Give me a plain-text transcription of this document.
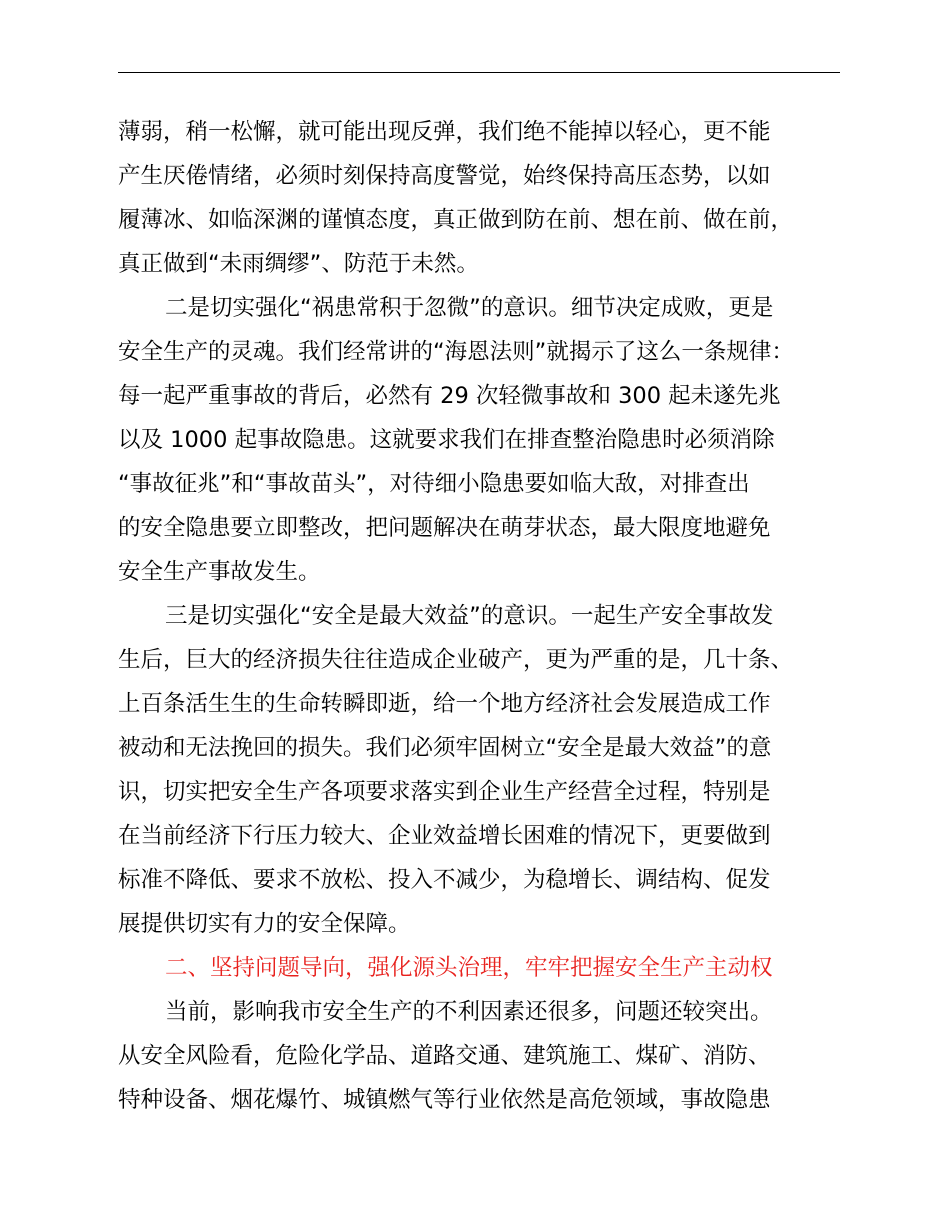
薄弱，稍一松懈，就可能出现反弹，我们绝不能掉以轻心，更不能
产生厌倦情绪，必须时刻保持高度警觉，始终保持高压态势，以如
履薄冰、如临深渊的谨慎态度，真正做到防在前、想在前、做在前，
真正做到“未雨绸缪”、防范于未然。
二是切实强化“祸患常积于忽微”的意识。细节决定成败，更是
安全生产的灵魂。我们经常讲的“海恩法则”就揭示了这么一条规律：
每一起严重事故的背后，必然有 29 次轻微事故和 300 起未遂先兆
以及 1000 起事故隐患。这就要求我们在排查整治隐患时必须消除
“事故征兆”和“事故苗头”，对待细小隐患要如临大敌，对排查出
的安全隐患要立即整改，把问题解决在萌芽状态，最大限度地避免
安全生产事故发生。
三是切实强化“安全是最大效益”的意识。一起生产安全事故发
生后，巨大的经济损失往往造成企业破产，更为严重的是，几十条、
上百条活生生的生命转瞬即逝，给一个地方经济社会发展造成工作
被动和无法挽回的损失。我们必须牢固树立“安全是最大效益”的意
识，切实把安全生产各项要求落实到企业生产经营全过程，特别是
在当前经济下行压力较大、企业效益增长困难的情况下，更要做到
标准不降低、要求不放松、投入不减少，为稳增长、调结构、促发
展提供切实有力的安全保障。
二、坚持问题导向，强化源头治理，牢牢把握安全生产主动权
当前，影响我市安全生产的不利因素还很多，问题还较突出。
从安全风险看，危险化学品、道路交通、建筑施工、煤矿、消防、
特种设备、烟花爆竹、城镇燃气等行业依然是高危领域，事故隐患
